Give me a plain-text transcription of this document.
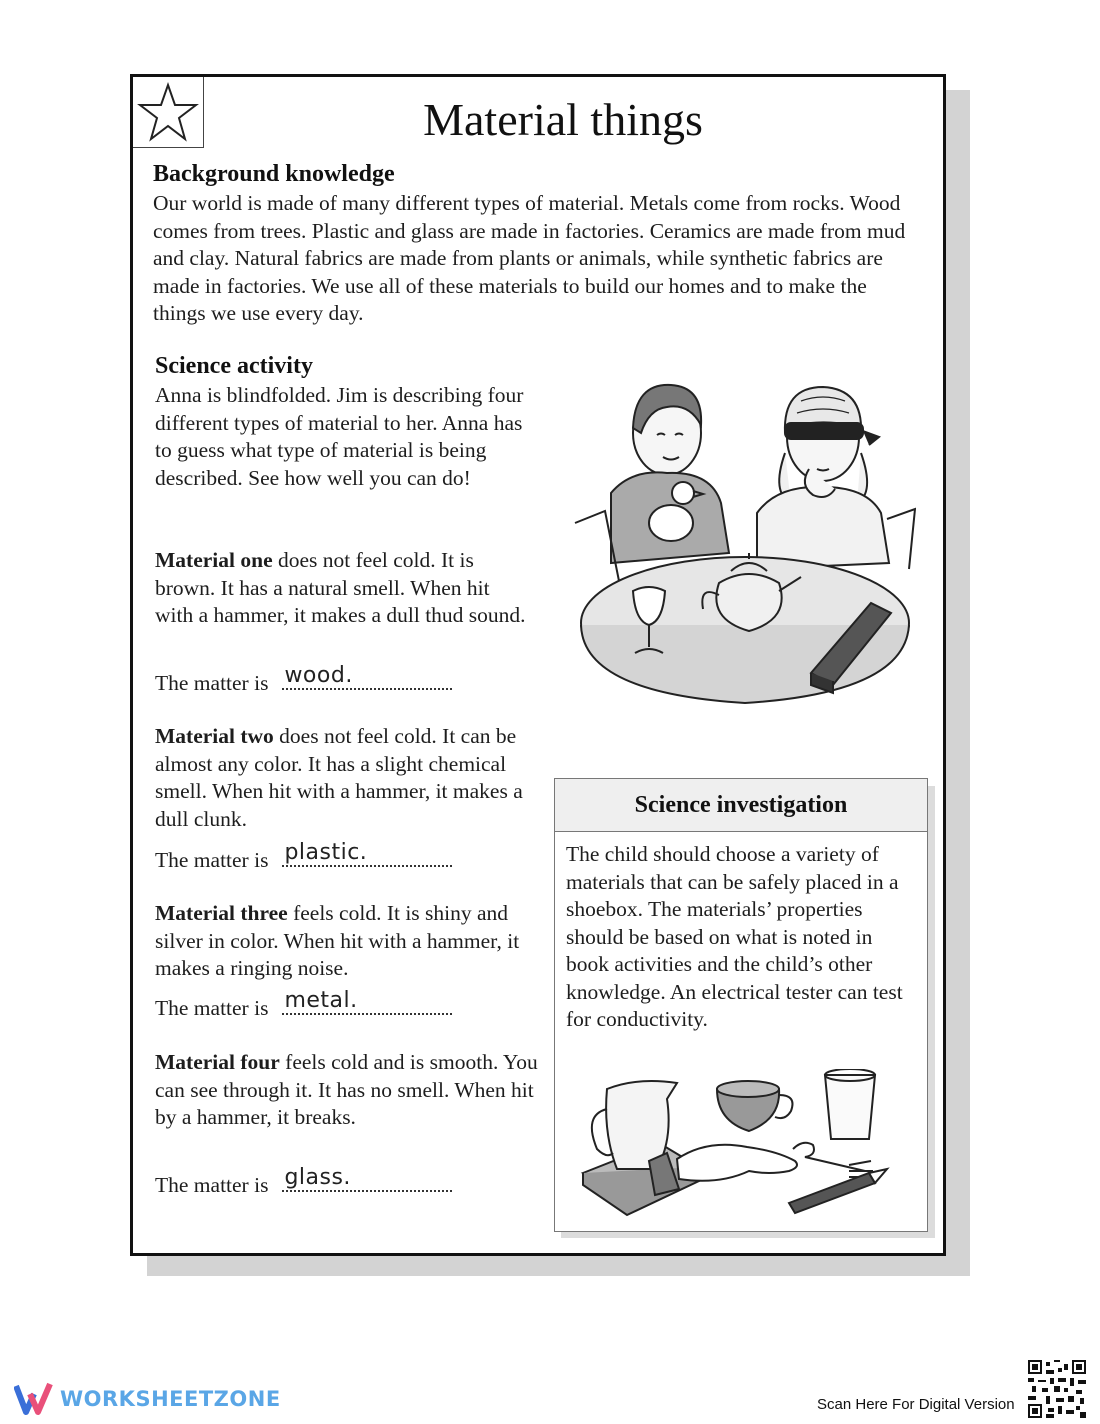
Material things
Background knowledge
Our world is made of many different types of material. Metals come from rocks. Wood comes from trees. Plastic and glass are made in factories. Ceramics are made from mud and clay. Natural fabrics are made from plants or animals, while synthetic fabrics are made in factories. We use all of these materials to build our homes and to make the things we use every day.
Science activity
Anna is blindfolded. Jim is describing four different types of material to her. Anna has to guess what type of material is being described. See how well you can do!
Material one does not feel cold. It is brown. It has a natural smell. When hit with a hammer, it makes a dull thud sound.
The matter is wood.
Material two does not feel cold. It can be almost any color. It has a slight chemical smell. When hit with a hammer, it makes a dull clunk.
The matter is plastic.
Material three feels cold. It is shiny and silver in color. When hit with a hammer, it makes a ringing noise.
The matter is metal.
Material four feels cold and is smooth. You can see through it. It has no smell. When hit by a hammer, it breaks.
The matter is glass.
Science investigation
The child should choose a variety of materials that can be safely placed in a shoebox. The materials’ properties should be based on what is noted in book activities and the child’s other knowledge. An electrical tester can test for conductivity.
WORKSHEETZONE	Scan Here For Digital Version
